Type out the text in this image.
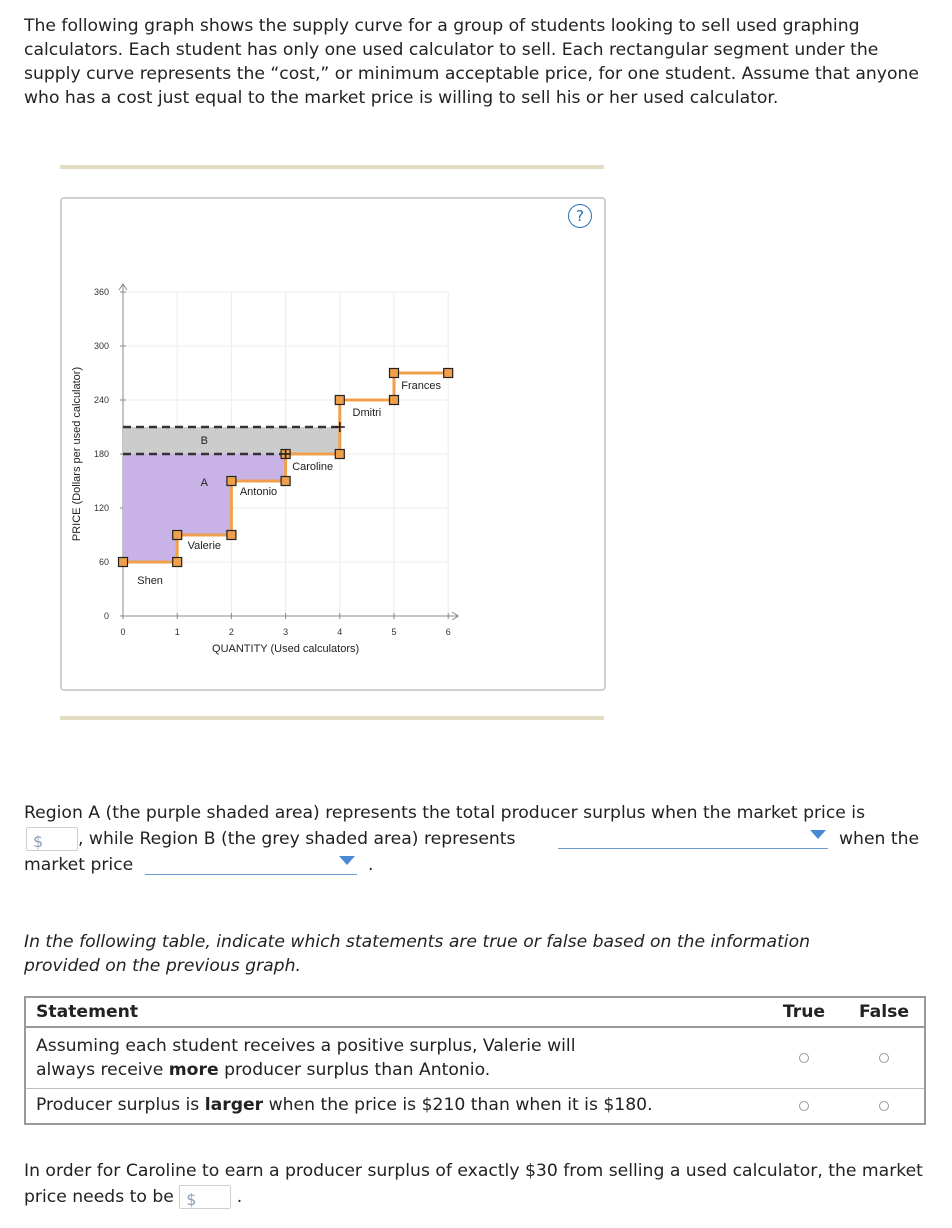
The following graph shows the supply curve for a group of students looking to sell used graphing calculators. Each student has only one used calculator to sell. Each rectangular segment under the supply curve represents the “cost,” or minimum acceptable price, for one student. Assume that anyone who has a cost just equal to the market price is willing to sell his or her used calculator.
?
0
60
120
180
240
300
360
0	1	2	3	4	5	6
QUANTITY (Used calculators)
PRICE (Dollars per used calculator)	B
A
Shen
Valerie
Antonio
Caroline
Dmitri
Frances
Region A (the purple shaded area) represents the total producer surplus when the market price is
$ , while Region B (the grey shaded area) represents	when the
market price	.
In the following table, indicate which statements are true or false based on the information provided on the previous graph.
Statement	True	False
Assuming each student receives a positive surplus, Valerie will always receive more producer surplus than Antonio.		
Producer surplus is larger when the price is $210 than when it is $180.		
In order for Caroline to earn a producer surplus of exactly $30 from selling a used calculator, the market price needs to be $ .
